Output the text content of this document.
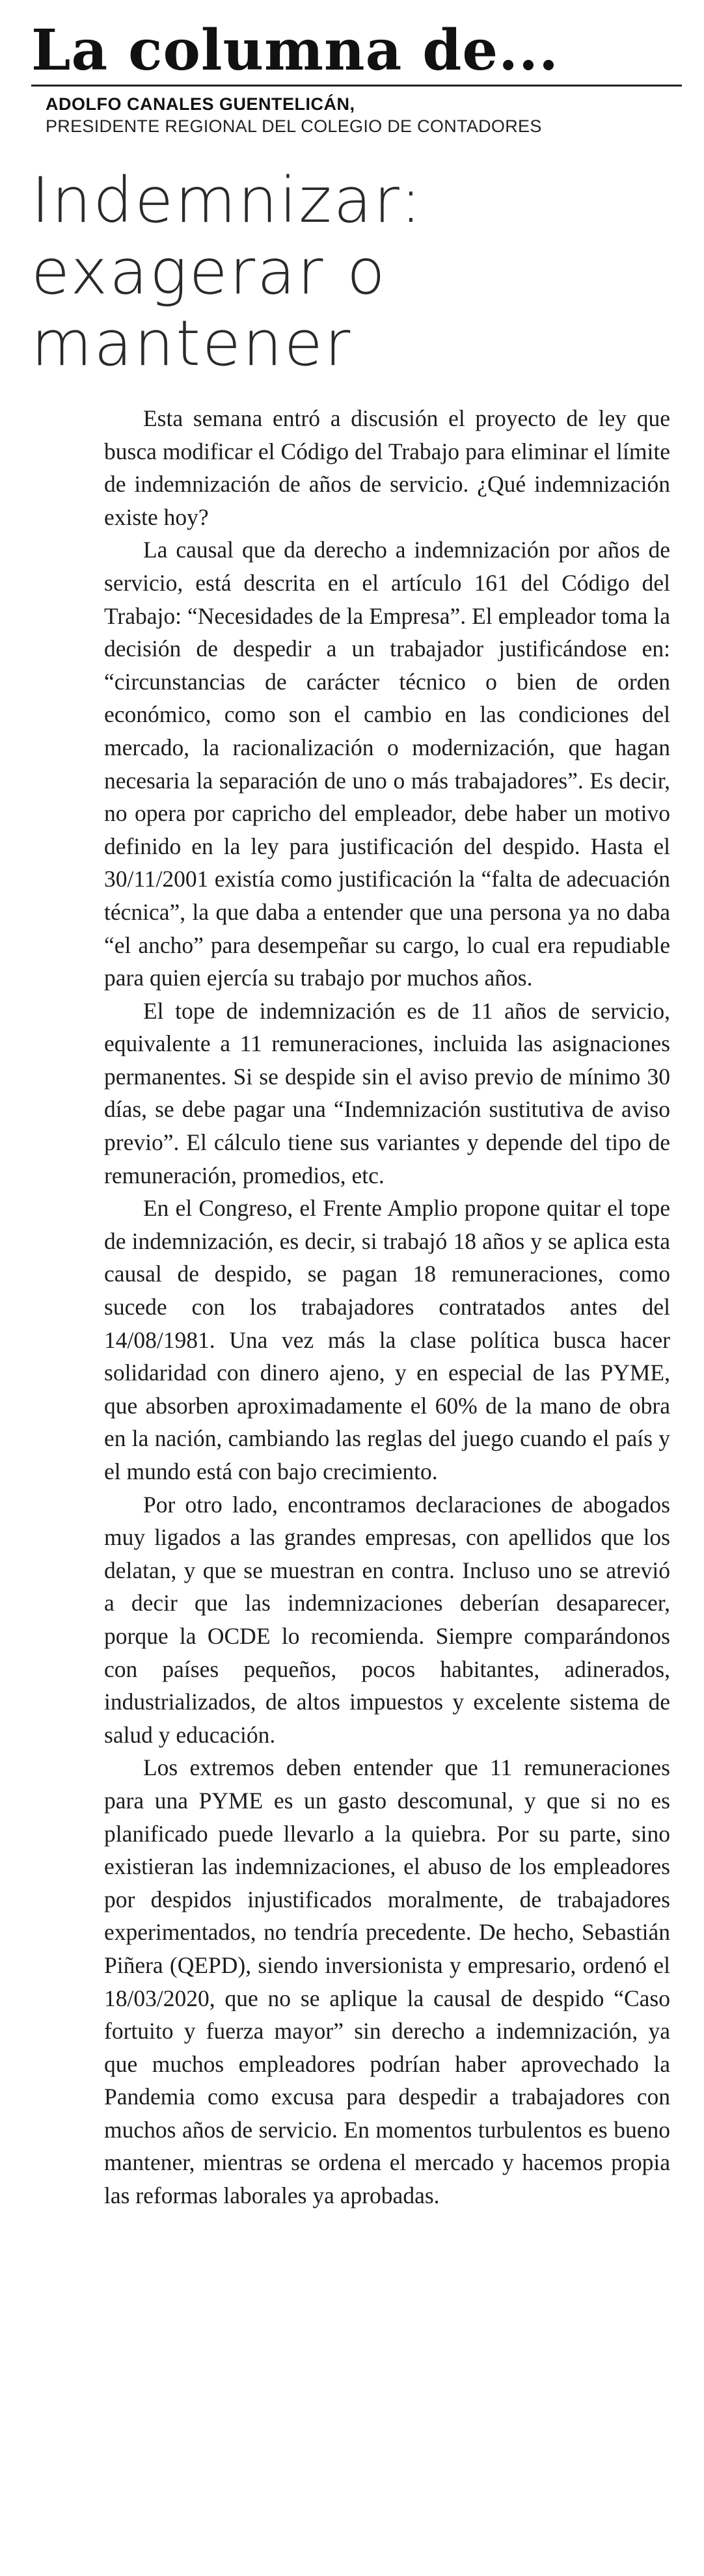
La columna de...
ADOLFO CANALES GUENTELICÁN,
PRESIDENTE REGIONAL DEL COLEGIO DE CONTADORES
Indemnizar: exagerar o mantener

Esta semana entró a discusión el proyecto de ley que busca modificar el Código del Trabajo para eliminar el límite de indemnización de años de servicio. ¿Qué indemnización existe hoy?

La causal que da derecho a indemnización por años de servicio, está descrita en el artículo 161 del Código del Trabajo: “Necesidades de la Empresa”. El empleador toma la decisión de despedir a un trabajador justificándose en: “circunstancias de carácter técnico o bien de orden económico, como son el cambio en las condiciones del mercado, la racionalización o modernización, que hagan necesaria la separación de uno o más trabajadores”. Es decir, no opera por capricho del empleador, debe haber un motivo definido en la ley para justificación del despido. Hasta el 30/11/2001 existía como justificación la “falta de adecuación técnica”, la que daba a entender que una persona ya no daba “el ancho” para desempeñar su cargo, lo cual era repudiable para quien ejercía su trabajo por muchos años.

El tope de indemnización es de 11 años de servicio, equivalente a 11 remuneraciones, incluida las asignaciones permanentes. Si se despide sin el aviso previo de mínimo 30 días, se debe pagar una “Indemnización sustitutiva de aviso previo”. El cálculo tiene sus variantes y depende del tipo de remuneración, promedios, etc.

En el Congreso, el Frente Amplio propone quitar el tope de indemnización, es decir, si trabajó 18 años y se aplica esta causal de despido, se pagan 18 remuneraciones, como sucede con los trabajadores contratados antes del 14/08/1981. Una vez más la clase política busca hacer solidaridad con dinero ajeno, y en especial de las PYME, que absorben aproximadamente el 60% de la mano de obra en la nación, cambiando las reglas del juego cuando el país y el mundo está con bajo crecimiento.

Por otro lado, encontramos declaraciones de abogados muy ligados a las grandes empresas, con apellidos que los delatan, y que se muestran en contra. Incluso uno se atrevió a decir que las indemnizaciones deberían desaparecer, porque la OCDE lo recomienda. Siempre comparándonos con países pequeños, pocos habitantes, adinerados, industrializados, de altos impuestos y excelente sistema de salud y educación.

Los extremos deben entender que 11 remuneraciones para una PYME es un gasto descomunal, y que si no es planificado puede llevarlo a la quiebra. Por su parte, sino existieran las indemnizaciones, el abuso de los empleadores por despidos injustificados moralmente, de trabajadores experimentados, no tendría precedente. De hecho, Sebastián Piñera (QEPD), siendo inversionista y empresario, ordenó el 18/03/2020, que no se aplique la causal de despido “Caso fortuito y fuerza mayor” sin derecho a indemnización, ya que muchos empleadores podrían haber aprovechado la Pandemia como excusa para despedir a trabajadores con muchos años de servicio. En momentos turbulentos es bueno mantener, mientras se ordena el mercado y hacemos propia las reformas laborales ya aprobadas.
